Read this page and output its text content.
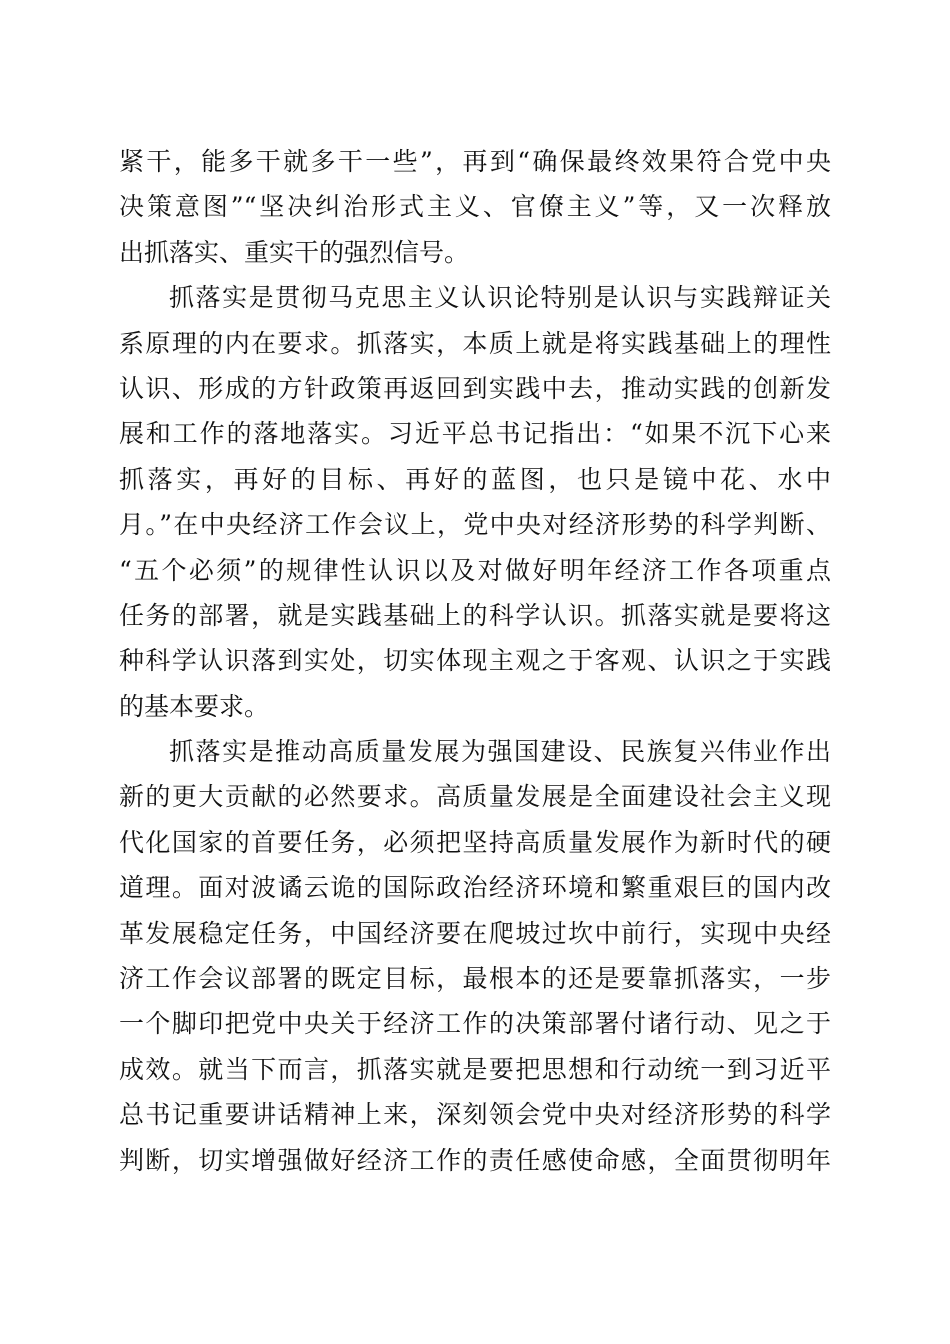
紧干，能多干就多干一些”，再到“确保最终效果符合党中央
决策意图”“坚决纠治形式主义、官僚主义”等，又一次释放
出抓落实、重实干的强烈信号。
抓落实是贯彻马克思主义认识论特别是认识与实践辩证关
系原理的内在要求。抓落实，本质上就是将实践基础上的理性
认识、形成的方针政策再返回到实践中去，推动实践的创新发
展和工作的落地落实。习近平总书记指出：“如果不沉下心来
抓落实，再好的目标、再好的蓝图，也只是镜中花、水中
月。”在中央经济工作会议上，党中央对经济形势的科学判断、
“五个必须”的规律性认识以及对做好明年经济工作各项重点
任务的部署，就是实践基础上的科学认识。抓落实就是要将这
种科学认识落到实处，切实体现主观之于客观、认识之于实践
的基本要求。
抓落实是推动高质量发展为强国建设、民族复兴伟业作出
新的更大贡献的必然要求。高质量发展是全面建设社会主义现
代化国家的首要任务，必须把坚持高质量发展作为新时代的硬
道理。面对波谲云诡的国际政治经济环境和繁重艰巨的国内改
革发展稳定任务，中国经济要在爬坡过坎中前行，实现中央经
济工作会议部署的既定目标，最根本的还是要靠抓落实，一步
一个脚印把党中央关于经济工作的决策部署付诸行动、见之于
成效。就当下而言，抓落实就是要把思想和行动统一到习近平
总书记重要讲话精神上来，深刻领会党中央对经济形势的科学
判断，切实增强做好经济工作的责任感使命感，全面贯彻明年
